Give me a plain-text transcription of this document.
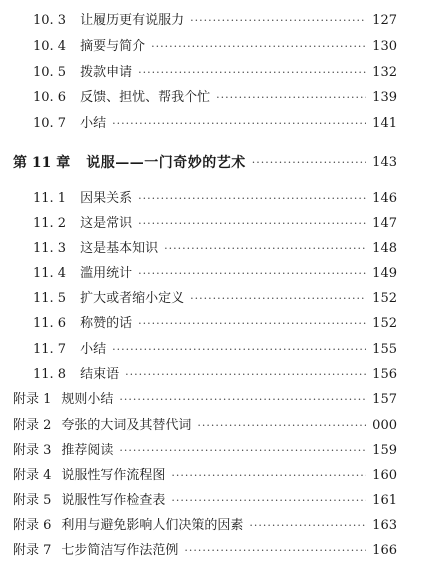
10. 3 让履历更有说服力 ·····	127
10. 4 摘要与简介 ·····	130
10. 5 拨款申请 ·····	132
10. 6 反馈、担忧、帮我个忙 ·····	139
10. 7 小结 ·····	141
第 11 章 说服——一门奇妙的艺术 ·····	143
11. 1 因果关系 ·····	146
11. 2 这是常识 ·····	147
11. 3 这是基本知识 ·····	148
11. 4 滥用统计 ·····	149
11. 5 扩大或者缩小定义 ·····	152
11. 6 称赞的话 ·····	152
11. 7 小结 ·····	155
11. 8 结束语 ·····	156
附录 1 规则小结 ·····	157
附录 2 夸张的大词及其替代词 ·····	000
附录 3 推荐阅读 ·····	159
附录 4 说服性写作流程图 ·····	160
附录 5 说服性写作检查表 ·····	161
附录 6 利用与避免影响人们决策的因素 ·····	163
附录 7 七步简洁写作法范例 ·····	166
